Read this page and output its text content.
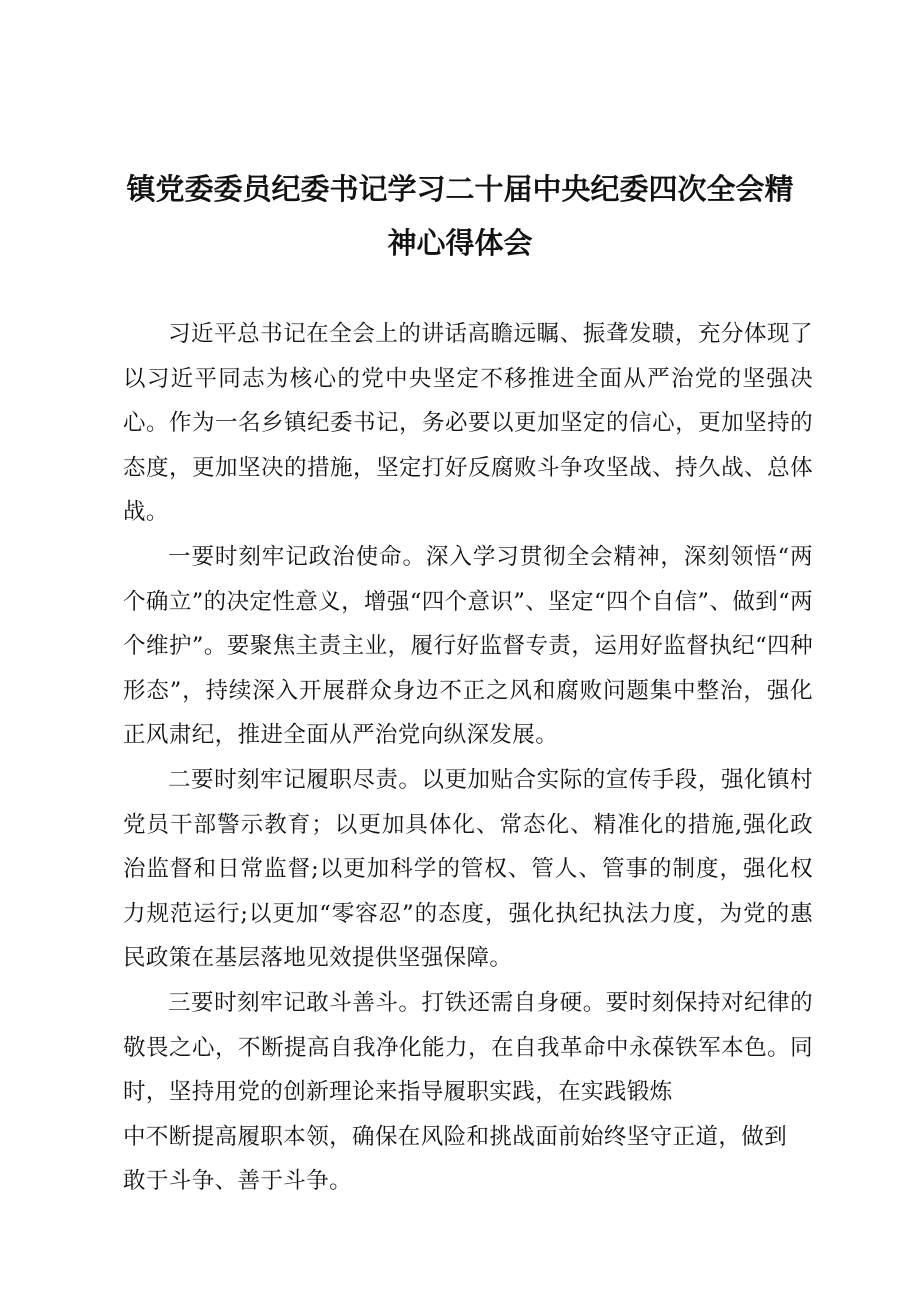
镇党委委员纪委书记学习二十届中央纪委四次全会精
神心得体会

习近平总书记在全会上的讲话高瞻远瞩、振聋发聩，充分体现了以习近平同志为核心的党中央坚定不移推进全面从严治党的坚强决心。作为一名乡镇纪委书记，务必要以更加坚定的信心，更加坚持的态度，更加坚决的措施，坚定打好反腐败斗争攻坚战、持久战、总体战。

一要时刻牢记政治使命。深入学习贯彻全会精神，深刻领悟“两个确立”的决定性意义，增强“四个意识”、坚定“四个自信”、做到“两个维护”。要聚焦主责主业，履行好监督专责，运用好监督执纪“四种形态”，持续深入开展群众身边不正之风和腐败问题集中整治，强化正风肃纪，推进全面从严治党向纵深发展。

二要时刻牢记履职尽责。以更加贴合实际的宣传手段，强化镇村党员干部警示教育；以更加具体化、常态化、精准化的措施,强化政治监督和日常监督;以更加科学的管权、管人、管事的制度，强化权力规范运行;以更加“零容忍”的态度，强化执纪执法力度，为党的惠民政策在基层落地见效提供坚强保障。

三要时刻牢记敢斗善斗。打铁还需自身硬。要时刻保持对纪律的敬畏之心，不断提高自我净化能力，在自我革命中永葆铁军本色。同时，坚持用党的创新理论来指导履职实践，在实践锻炼

中不断提高履职本领，确保在风险和挑战面前始终坚守正道，做到

敢于斗争、善于斗争。
